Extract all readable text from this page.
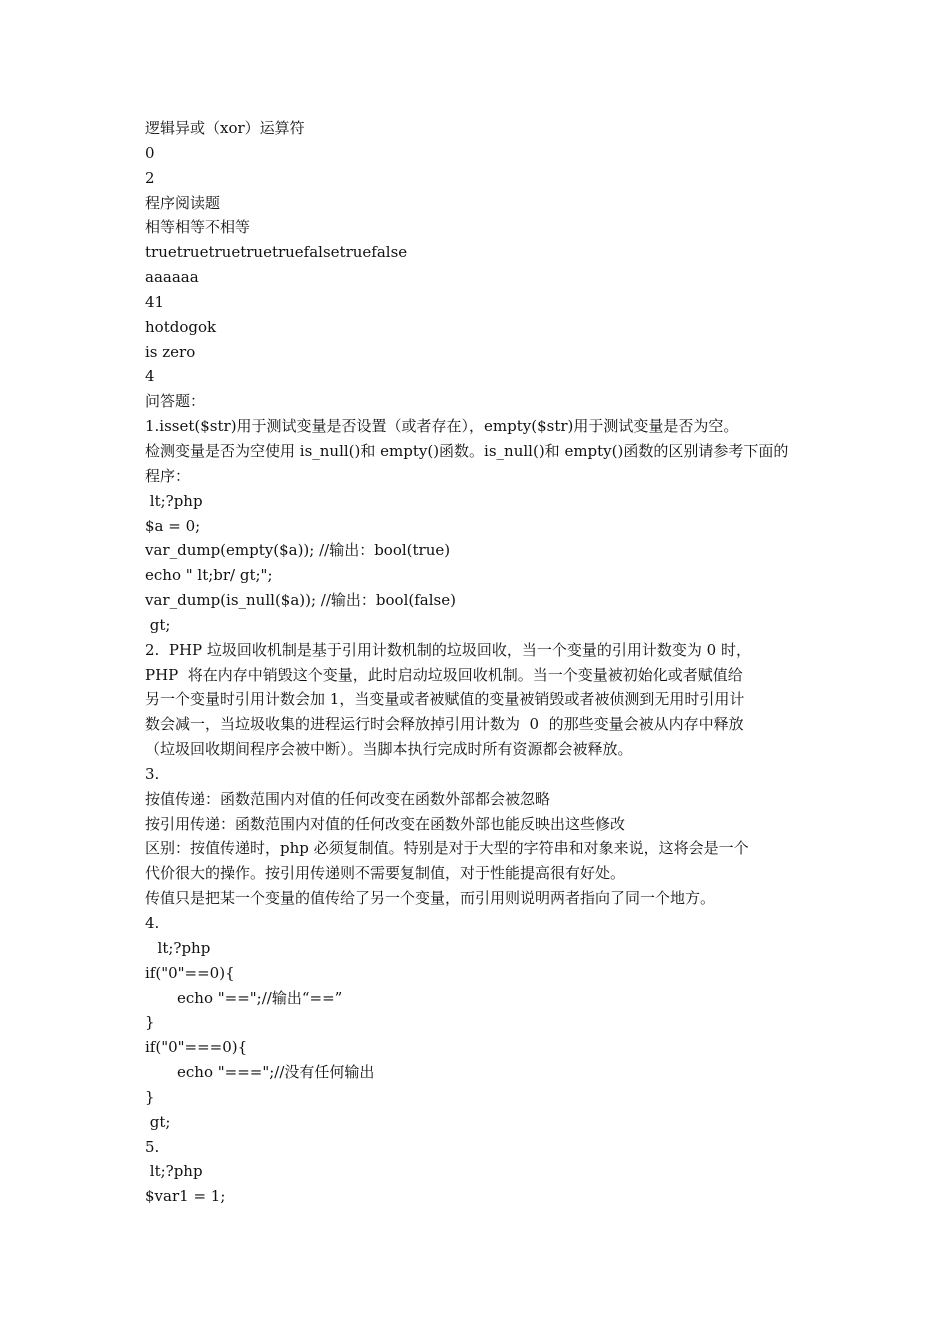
逻辑异或（xor）运算符
0
2
程序阅读题
相等相等不相等
truetruetruetruetruefalsetruefalse
aaaaaa
41
hotdogok
is zero
4
问答题：
1.isset($str)用于测试变量是否设置（或者存在），empty($str)用于测试变量是否为空。
检测变量是否为空使用 is_null()和 empty()函数。is_null()和 empty()函数的区别请参考下面的
程序：
lt;?php
$a = 0;
var_dump(empty($a)); //输出：bool(true)
echo " lt;br/ gt;";
var_dump(is_null($a)); //输出：bool(false)
gt;
2.  PHP 垃圾回收机制是基于引用计数机制的垃圾回收，当一个变量的引用计数变为 0 时，
PHP  将在内存中销毁这个变量，此时启动垃圾回收机制。当一个变量被初始化或者赋值给
另一个变量时引用计数会加 1，当变量或者被赋值的变量被销毁或者被侦测到无用时引用计
数会减一，当垃圾收集的进程运行时会释放掉引用计数为  0  的那些变量会被从内存中释放
（垃圾回收期间程序会被中断）。当脚本执行完成时所有资源都会被释放。
3.
按值传递：函数范围内对值的任何改变在函数外部都会被忽略
按引用传递：函数范围内对值的任何改变在函数外部也能反映出这些修改
区别：按值传递时，php 必须复制值。特别是对于大型的字符串和对象来说，这将会是一个
代价很大的操作。按引用传递则不需要复制值，对于性能提高很有好处。
传值只是把某一个变量的值传给了另一个变量，而引用则说明两者指向了同一个地方。
4.
lt;?php
if("0"==0){
echo "==";//输出“==”
}
if("0"===0){
echo "===";//没有任何输出
}
gt;
5.
lt;?php
$var1 = 1;
